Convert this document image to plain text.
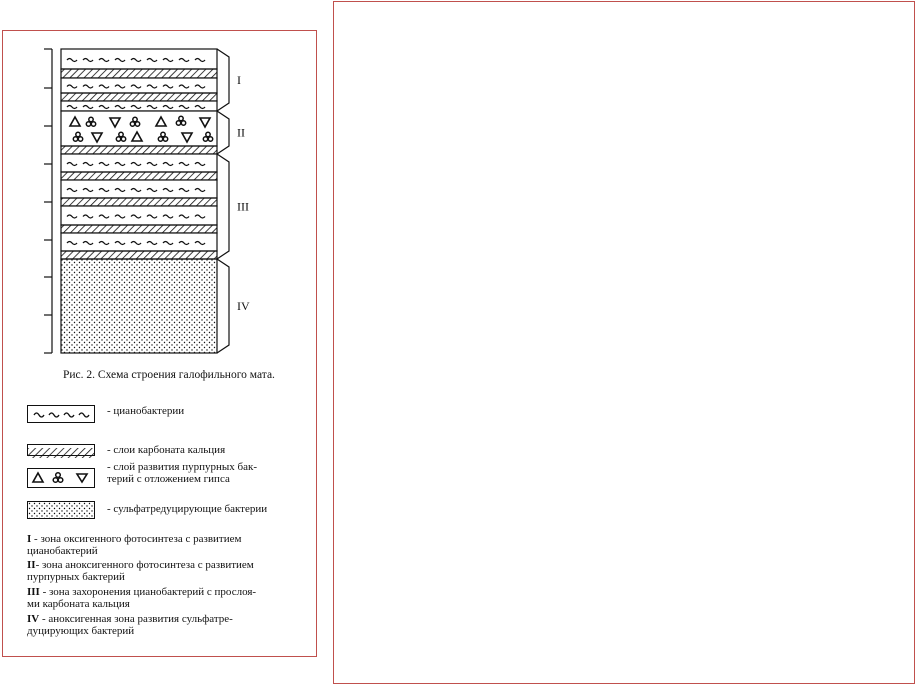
I
II
III
IV
Рис. 2. Схема строения галофильного мата.
- цианобактерии
- слои карбоната кальция
- слой развития пурпурных бак-
терий с отложением гипса
- сульфатредуцирующие бактерии
I - зона оксигенного фотосинтеза с развитием
цианобактерий
II- зона аноксигенного фотосинтеза с развитием
пурпурных бактерий
III - зона захоронения цианобактерий с прослоя-
ми карбоната кальция
IV - аноксигенная зона развития сульфатре-
дуцирующих бактерий
